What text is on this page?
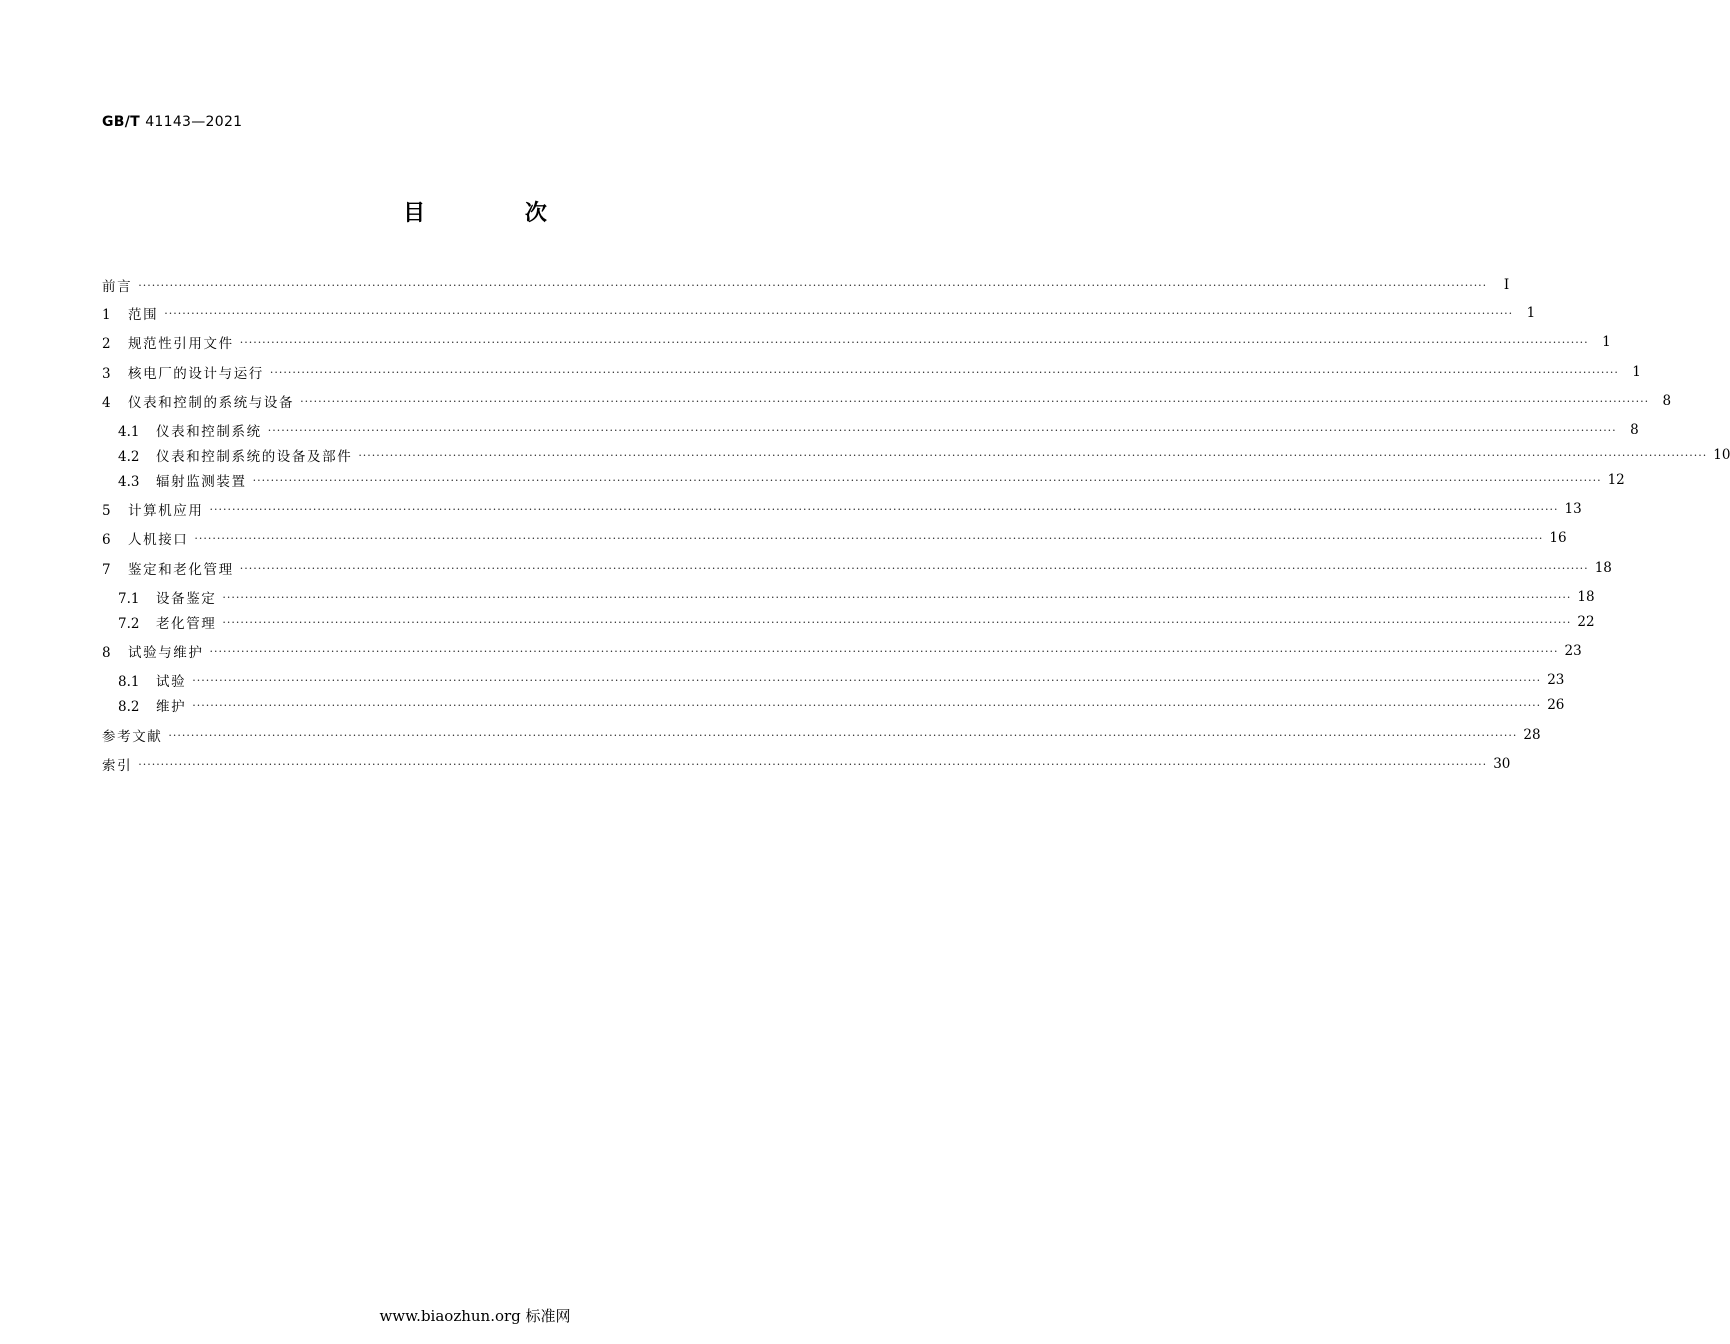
GB/T 41143—2021
目 次
前言 ············································································································································································································································································································	Ⅰ
1 范围 ············································································································································································································································································································ 1
2 规范性引用文件 ············································································································································································································································································································ 1
3 核电厂的设计与运行 ············································································································································································································································································································ 1
4 仪表和控制的系统与设备 ············································································································································································································································································································ 8
4.1 仪表和控制系统 ············································································································································································································································································································ 8
4.2 仪表和控制系统的设备及部件 ············································································································································································································································································································ 10
4.3 辐射监测装置 ············································································································································································································································································································ 12
5 计算机应用 ············································································································································································································································································································ 13
6 人机接口 ············································································································································································································································································································ 16
7 鉴定和老化管理 ············································································································································································································································································································ 18
7.1 设备鉴定 ············································································································································································································································································································ 18
7.2 老化管理 ············································································································································································································································································································ 22
8 试验与维护 ············································································································································································································································································································ 23
8.1 试验 ············································································································································································································································································································ 23
8.2 维护 ············································································································································································································································································································ 26
参考文献 ············································································································································································································································································································ 28
索引 ············································································································································································································································································································ 30
www.biaozhun.org 标准网
